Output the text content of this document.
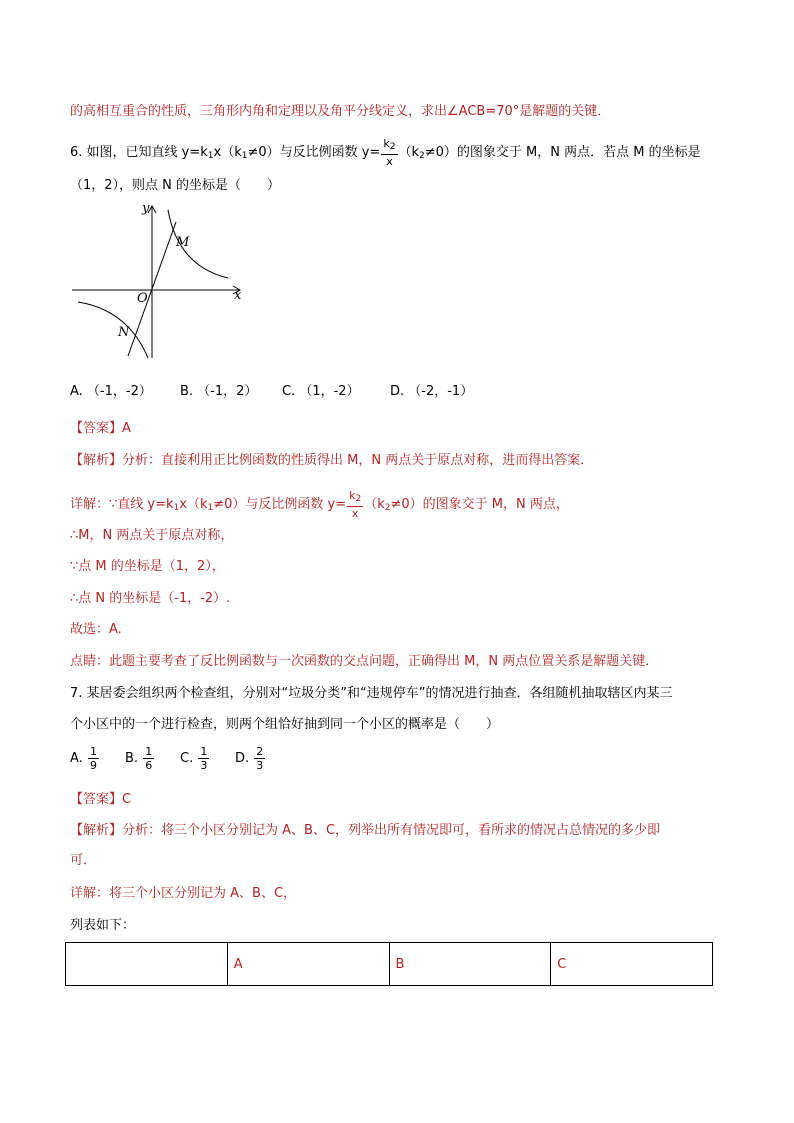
的高相互重合的性质，三角形内角和定理以及角平分线定义，求出∠ACB=70°是解题的关键．
6. 如图，已知直线 $y=k_1x(k_1\ne 0)$与反比例函数 $y= \frac{k_2}{x} (k_2\ne 0)$的图象交于 M，N 两点．若点 M 的坐标是
（1，2），则点 N 的坐标是（　　）
y
x
O
M
N
A. （-1，-2） B. （-1，2） C. （1，-2） D. （-2，-1）
【答案】A
【解析】分析：直接利用正比例函数的性质得出 M，N 两点关于原点对称，进而得出答案．
详解：∵直线 $y=k_1x(k_1\ne 0)$与反比例函数 $y= \frac{k_2}{x} (k_2\ne 0)$的图象交于 M，N 两点，
∴M，N 两点关于原点对称，
∵点 M 的坐标是（1，2），
∴点 N 的坐标是（-1，-2）.
故选：A.
点睛：此题主要考查了反比例函数与一次函数的交点问题，正确得出 M，N 两点位置关系是解题关键．
7. 某居委会组织两个检查组，分别对“垃圾分类”和“违规停车”的情况进行抽查．各组随机抽取辖区内某三
个小区中的一个进行检查，则两个组恰好抽到同一个小区的概率是（　　）
A. $\frac{1}{9} B$. $\frac{1}{6} C$. $\frac{1}{3} D$. $\frac{2}{3}$
【答案】C
【解析】分析：将三个小区分别记为 A、B、C，列举出所有情况即可，看所求的情况占总情况的多少即
可．
详解：将三个小区分别记为 A、B、C，
	A	B	C
列表如下：
